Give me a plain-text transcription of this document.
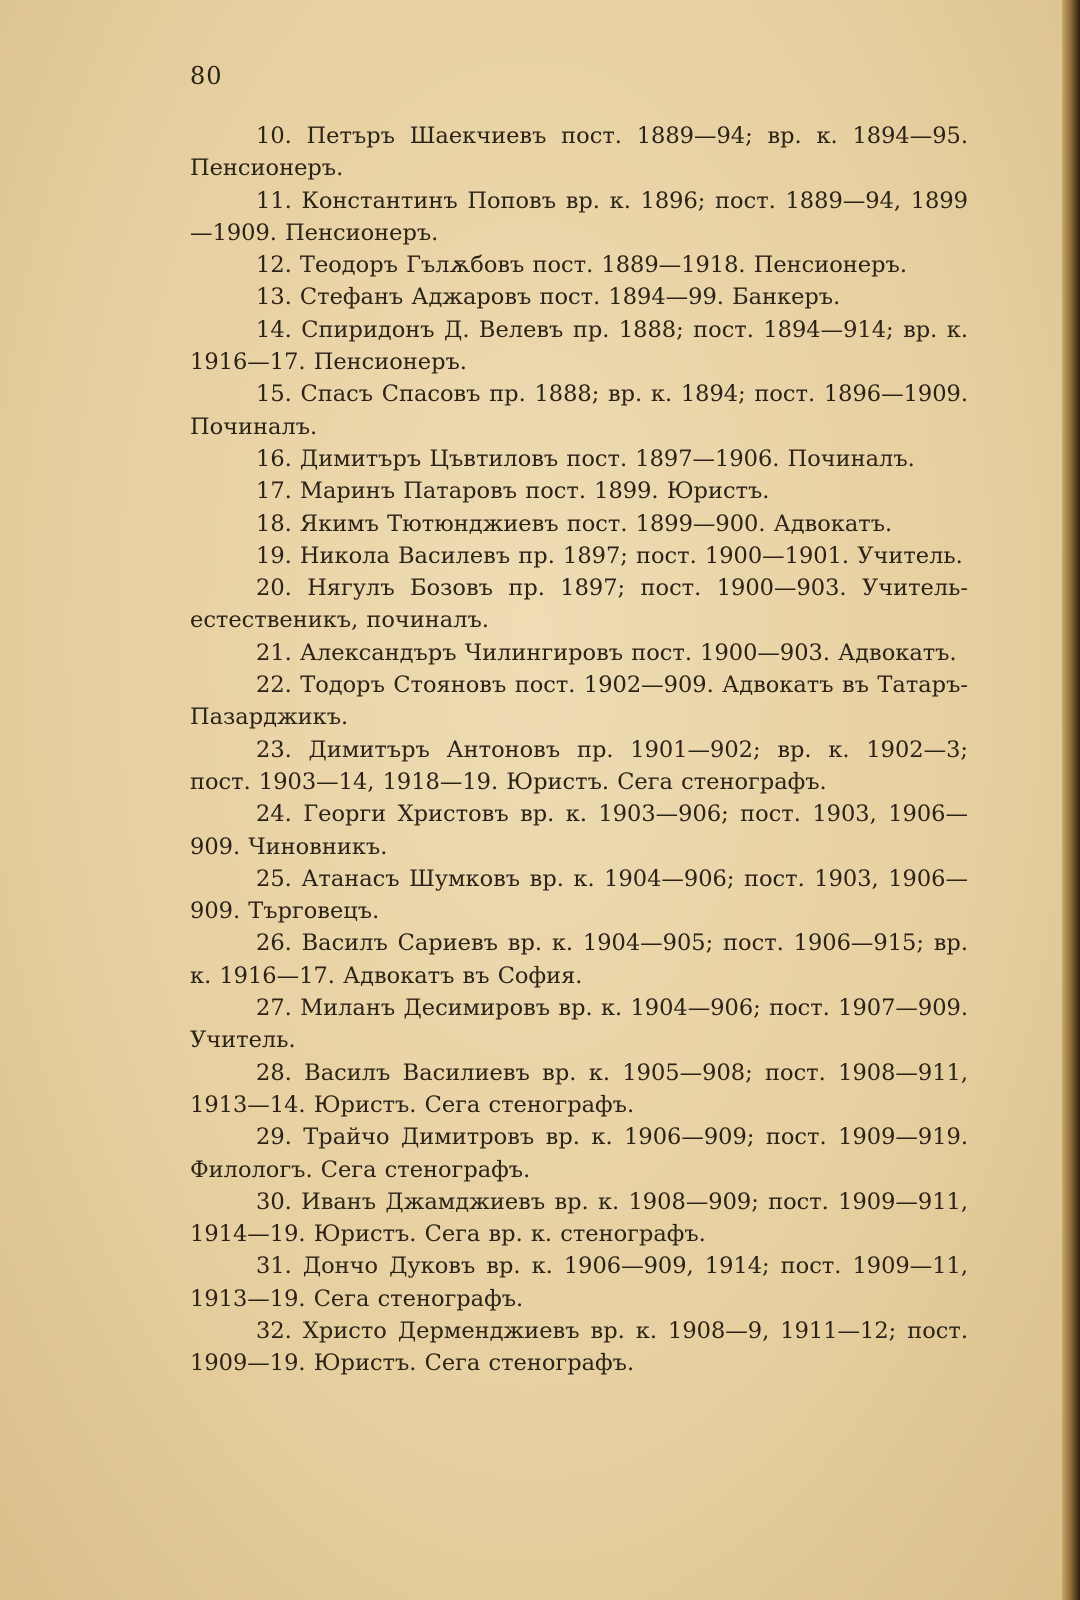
80

10. Петъръ Шаекчиевъ пост. 1889—94; вр. к. 1894—95. Пенсионеръ.

11. Константинъ Поповъ вр. к. 1896; пост. 1889—94, 1899—1909. Пенсионеръ.

12. Теодоръ Гълѫбовъ пост. 1889—1918. Пенсионеръ.

13. Стефанъ Аджаровъ пост. 1894—99. Банкеръ.

14. Спиридонъ Д. Велевъ пр. 1888; пост. 1894—914; вр. к. 1916—17. Пенсионеръ.

15. Спасъ Спасовъ пр. 1888; вр. к. 1894; пост. 1896—1909. Починалъ.

16. Димитъръ Цъвтиловъ пост. 1897—1906. Починалъ.

17. Маринъ Патаровъ пост. 1899. Юристъ.

18. Якимъ Тютюнджиевъ пост. 1899—900. Адвокатъ.

19. Никола Василевъ пр. 1897; пост. 1900—1901. Учитель.

20. Нягулъ Бозовъ пр. 1897; пост. 1900—903. Учитель-естественикъ, починалъ.

21. Александъръ Чилингировъ пост. 1900—903. Адвокатъ.

22. Тодоръ Стояновъ пост. 1902—909. Адвокатъ въ Татаръ-Пазарджикъ.

23. Димитъръ Антоновъ пр. 1901—902; вр. к. 1902—3; пост. 1903—14, 1918—19. Юристъ. Сега стенографъ.

24. Георги Христовъ вр. к. 1903—906; пост. 1903, 1906—909. Чиновникъ.

25. Атанасъ Шумковъ вр. к. 1904—906; пост. 1903, 1906—909. Търговецъ.

26. Василъ Сариевъ вр. к. 1904—905; пост. 1906—915; вр. к. 1916—17. Адвокатъ въ София.

27. Миланъ Десимировъ вр. к. 1904—906; пост. 1907—909. Учитель.

28. Василъ Василиевъ вр. к. 1905—908; пост. 1908—911, 1913—14. Юристъ. Сега стенографъ.

29. Трайчо Димитровъ вр. к. 1906—909; пост. 1909—919. Филологъ. Сега стенографъ.

30. Иванъ Джамджиевъ вр. к. 1908—909; пост. 1909—911, 1914—19. Юристъ. Сега вр. к. стенографъ.

31. Дончо Дуковъ вр. к. 1906—909, 1914; пост. 1909—11, 1913—19. Сега стенографъ.

32. Христо Дерменджиевъ вр. к. 1908—9, 1911—12; пост. 1909—19. Юристъ. Сега стенографъ.
